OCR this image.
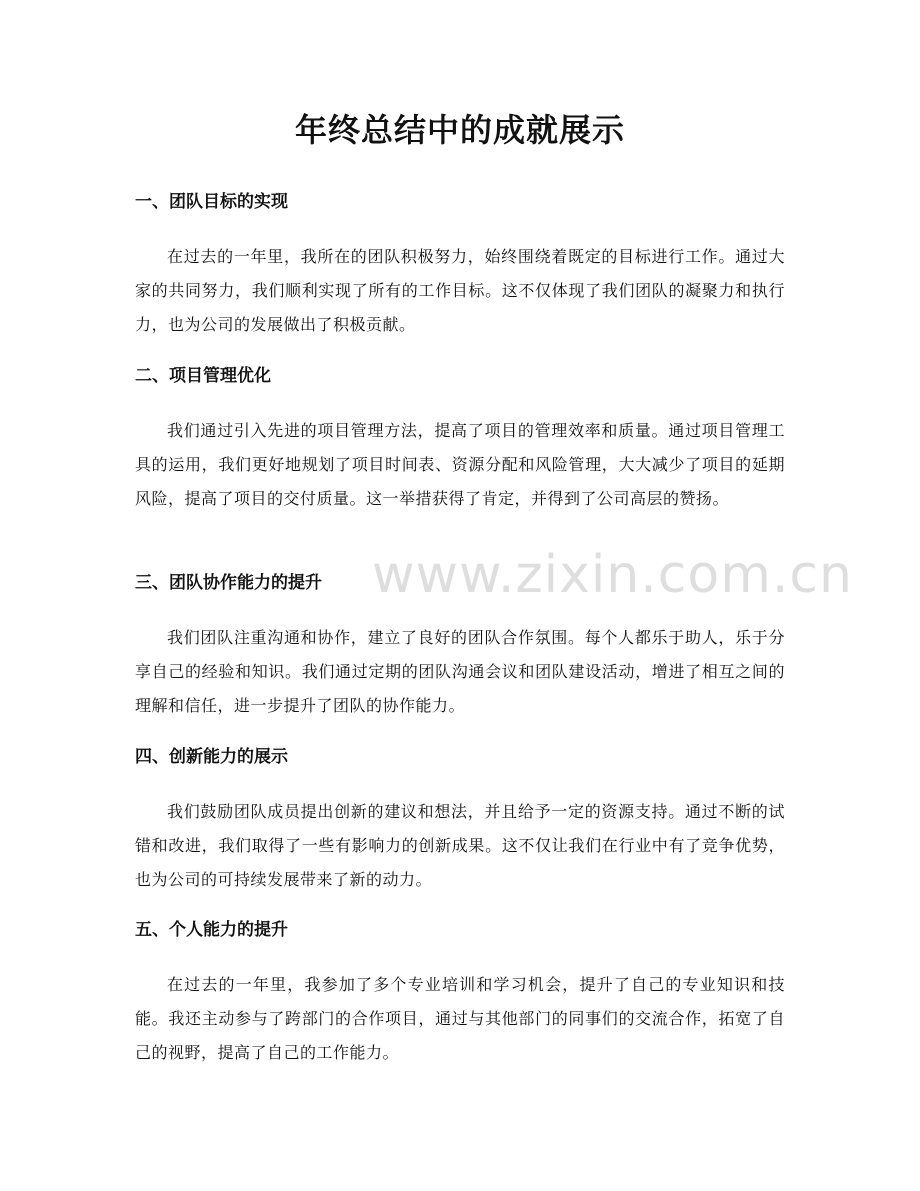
年终总结中的成就展示
一、团队目标的实现

在过去的一年里，我所在的团队积极努力，始终围绕着既定的目标进行工作。通过大家的共同努力，我们顺利实现了所有的工作目标。这不仅体现了我们团队的凝聚力和执行力，也为公司的发展做出了积极贡献。

二、项目管理优化

我们通过引入先进的项目管理方法，提高了项目的管理效率和质量。通过项目管理工具的运用，我们更好地规划了项目时间表、资源分配和风险管理，大大减少了项目的延期风险，提高了项目的交付质量。这一举措获得了肯定，并得到了公司高层的赞扬。

三、团队协作能力的提升

我们团队注重沟通和协作，建立了良好的团队合作氛围。每个人都乐于助人，乐于分享自己的经验和知识。我们通过定期的团队沟通会议和团队建设活动，增进了相互之间的理解和信任，进一步提升了团队的协作能力。

四、创新能力的展示

我们鼓励团队成员提出创新的建议和想法，并且给予一定的资源支持。通过不断的试错和改进，我们取得了一些有影响力的创新成果。这不仅让我们在行业中有了竞争优势，也为公司的可持续发展带来了新的动力。

五、个人能力的提升

在过去的一年里，我参加了多个专业培训和学习机会，提升了自己的专业知识和技能。我还主动参与了跨部门的合作项目，通过与其他部门的同事们的交流合作，拓宽了自己的视野，提高了自己的工作能力。

www.zixin.com.cn
